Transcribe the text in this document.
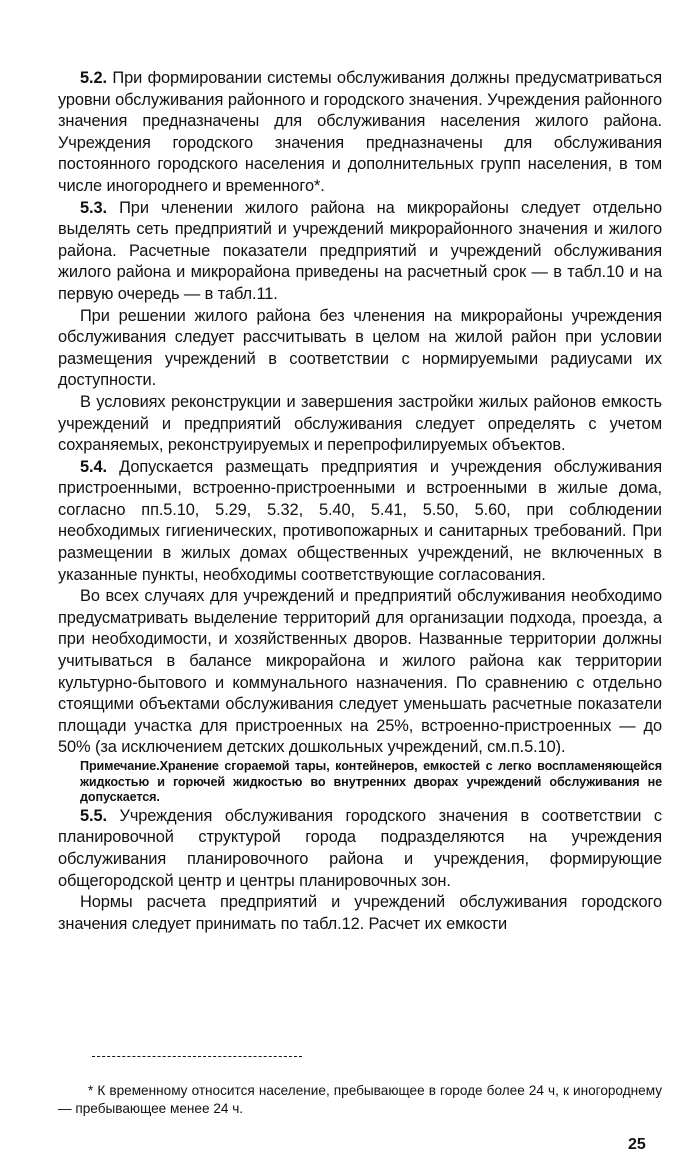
5.2. При формировании системы обслуживания должны предусматриваться уровни обслуживания районного и городского значения. Учреждения районного значения предназначены для обслуживания населения жилого района. Учреждения городского значения предназначены для обслуживания постоянного городского населения и дополнительных групп населения, в том числе иногороднего и временного*.

5.3. При членении жилого района на микрорайоны следует отдельно выделять сеть предприятий и учреждений микрорайонного значения и жилого района. Расчетные показатели предприятий и учреждений обслуживания жилого района и микрорайона приведены на расчетный срок — в табл.10 и на первую очередь — в табл.11.

При решении жилого района без членения на микрорайоны учреждения обслуживания следует рассчитывать в целом на жилой район при условии размещения учреждений в соответствии с нормируемыми радиусами их доступности.

В условиях реконструкции и завершения застройки жилых районов емкость учреждений и предприятий обслуживания следует определять с учетом сохраняемых, реконструируемых и перепрофилируемых объектов.

5.4. Допускается размещать предприятия и учреждения обслуживания пристроенными, встроенно-пристроенными и встроенными в жилые дома, согласно пп.5.10, 5.29, 5.32, 5.40, 5.41, 5.50, 5.60, при соблюдении необходимых гигиенических, противопожарных и санитарных требований. При размещении в жилых домах общественных учреждений, не включенных в указанные пункты, необходимы соответствующие согласования.

Во всех случаях для учреждений и предприятий обслуживания необходимо предусматривать выделение территорий для организации подхода, проезда, а при необходимости, и хозяйственных дворов. Названные территории должны учитываться в балансе микрорайона и жилого района как территории культурно-бытового и коммунального назначения. По сравнению с отдельно стоящими объектами обслуживания следует уменьшать расчетные показатели площади участка для пристроенных на 25%, встроенно-пристроенных — до 50% (за исключением детских дошкольных учреждений, см.п.5.10).

Примечание.Хранение сгораемой тары, контейнеров, емкостей с легко воспламеняющейся жидкостью и горючей жидкостью во внутренних дворах учреждений обслуживания не допускается.

5.5. Учреждения обслуживания городского значения в соответствии с планировочной структурой города подразделяются на учреждения обслуживания планировочного района и учреждения, формирующие общегородской центр и центры планировочных зон.

Нормы расчета предприятий и учреждений обслуживания городского значения следует принимать по табл.12. Расчет их емкости

* К временному относится население, пребывающее в городе более 24 ч, к иногороднему — пребывающее менее 24 ч.

25
